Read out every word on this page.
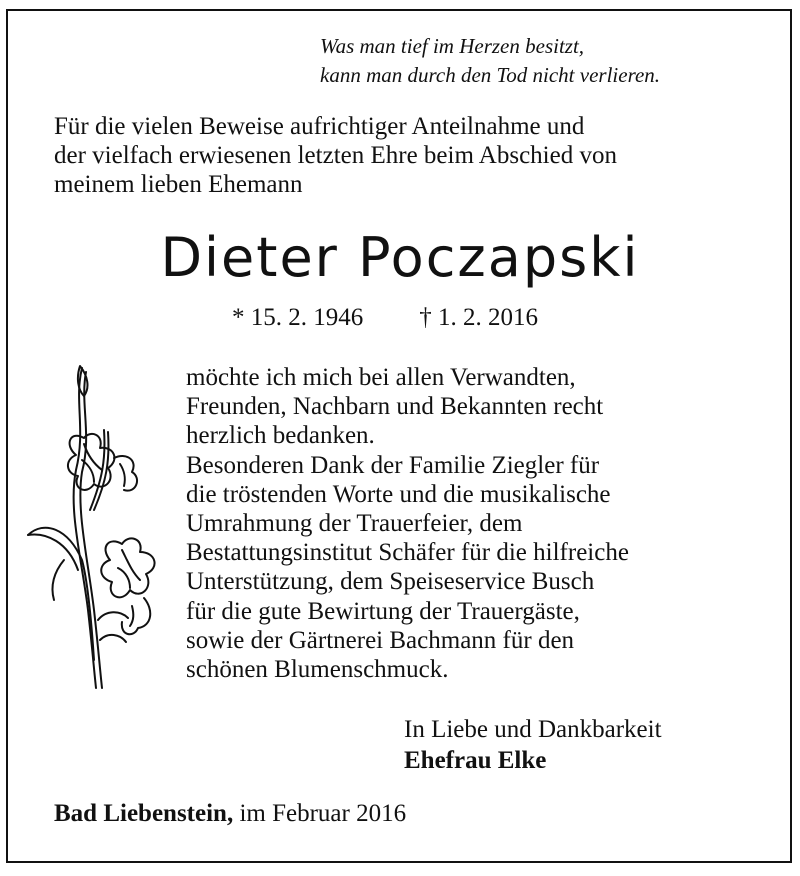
Was man tief im Herzen besitzt,
kann man durch den Tod nicht verlieren.
Für die vielen Beweise aufrichtiger Anteilnahme und
der vielfach erwiesenen letzten Ehre beim Abschied von
meinem lieben Ehemann
Dieter Poczapski
* 15. 2. 1946 † 1. 2. 2016
möchte ich mich bei allen Verwandten,
Freunden, Nachbarn und Bekannten recht
herzlich bedanken.
Besonderen Dank der Familie Ziegler für
die tröstenden Worte und die musikalische
Umrahmung der Trauerfeier, dem
Bestattungsinstitut Schäfer für die hilfreiche
Unterstützung, dem Speiseservice Busch
für die gute Bewirtung der Trauergäste,
sowie der Gärtnerei Bachmann für den
schönen Blumenschmuck.
In Liebe und Dankbarkeit
Ehefrau Elke
Bad Liebenstein, im Februar 2016
